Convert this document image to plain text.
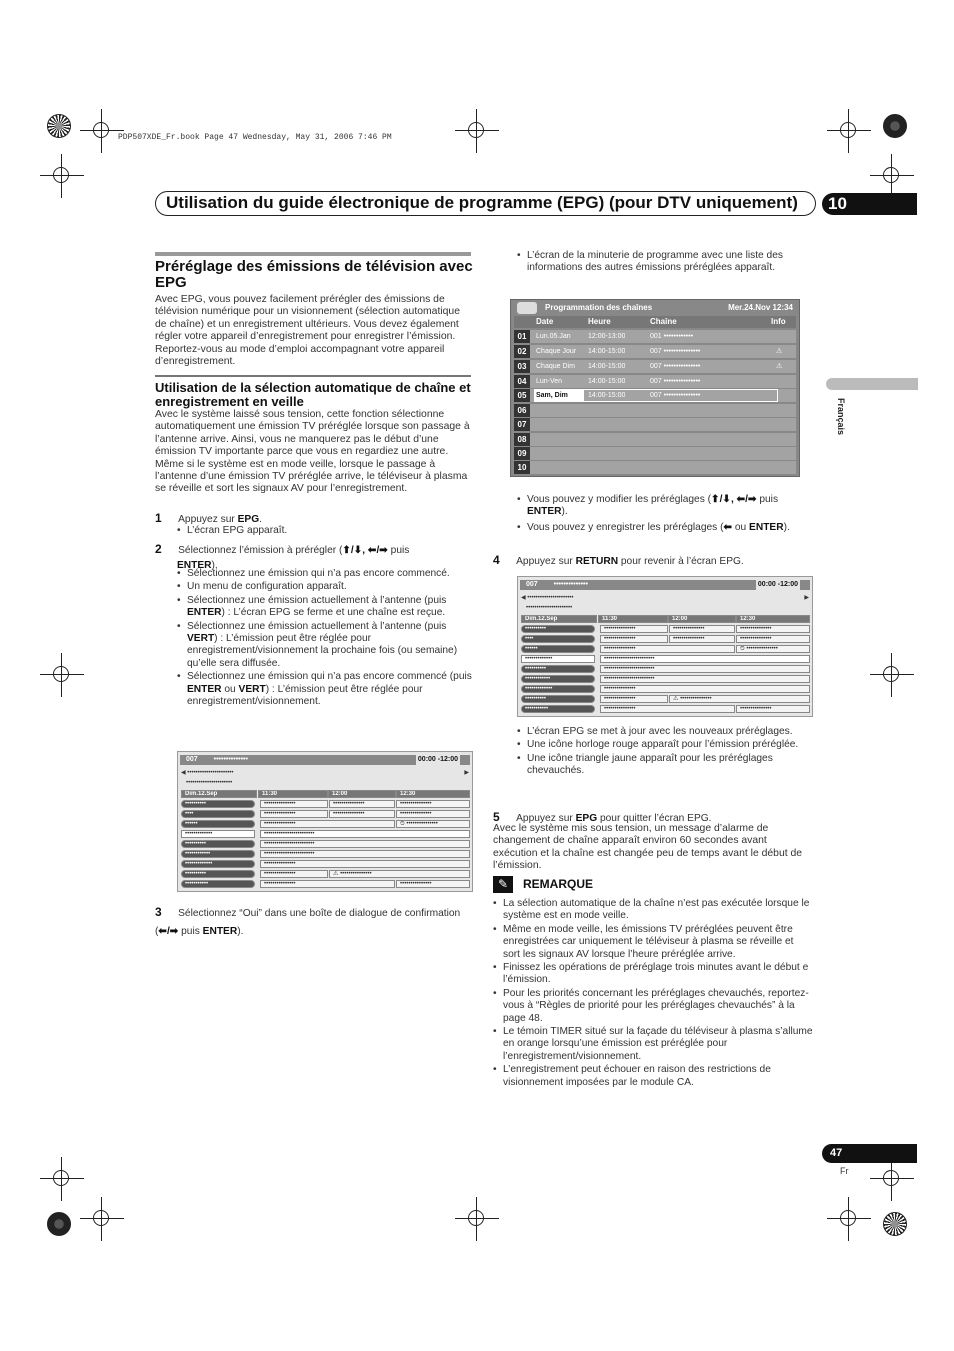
PDP507XDE_Fr.book Page 47 Wednesday, May 31, 2006 7:46 PM
Utilisation du guide électronique de programme (EPG) (pour DTV uniquement)	10
Français
Préréglage des émissions de télévision avec EPG

Avec EPG, vous pouvez facilement prérégler des émissions de télévision numérique pour un visionnement (sélection automatique de chaîne) et un enregistrement ultérieurs. Vous devez également régler votre appareil d’enregistrement pour enregistrer l’émission. Reportez-vous au mode d’emploi accompagnant votre appareil d’enregistrement.

Utilisation de la sélection automatique de chaîne et enregistrement en veille

Avec le système laissé sous tension, cette fonction sélectionne automatiquement une émission TV préréglée lorsque son passage à l’antenne arrive. Ainsi, vous ne manquerez pas le début d’une émission TV importante parce que vous en regardiez une autre.

Même si le système est en mode veille, lorsque le passage à l’antenne d’une émission TV préréglée arrive, le téléviseur à plasma se réveille et sort les signaux AV pour l’enregistrement.

1 Appuyez sur EPG.
• L’écran EPG apparaît.
2 Sélectionnez l’émission à prérégler (⬆/⬇, ⬅/➡ puis
ENTER).
• Sélectionnez une émission qui n’a pas encore commencé.
• Un menu de configuration apparaît.
• Sélectionnez une émission actuellement à l’antenne (puis ENTER) : L’écran EPG se ferme et une chaîne est reçue.
• Sélectionnez une émission actuellement à l’antenne (puis VERT) : L’émission peut être réglée pour enregistrement/visionnement la prochaine fois (ou semaine) qu’elle sera diffusée.
• Sélectionnez une émission qui n’a pas encore commencé (puis ENTER ou VERT) : L’émission peut être réglée pour enregistrement/visionnement.
007 ••••••••••••••	00:00 -12:00
◀ ••••••••••••••••••••••	▶
••••••••••••••••••••••
Dim.12.Sep	11:30	12:00	12:30
••••••••••	•••••••••••••••	•••••••••••••••	•••••••••••••••
••••	•••••••••••••••	•••••••••••••••	•••••••••••••••
••••••	•••••••••••••••	⏲ •••••••••••••••
•••••••••••••	••••••••••••••••••••••••
••••••••••	••••••••••••••••••••••••
••••••••••••	••••••••••••••••••••••••
•••••••••••••	•••••••••••••••
••••••••••	•••••••••••••••	⚠ •••••••••••••••
•••••••••••	•••••••••••••••	•••••••••••••••
3 Sélectionnez “Oui” dans une boîte de dialogue de confirmation (⬅/➡ puis ENTER).
• L’écran de la minuterie de programme avec une liste des informations des autres émissions préréglées apparaît.
Programmation des chaînes	Mer.24.Nov 12:34
Date	Heure	Chaîne	Info
01	Lun.05.Jan 12:00-13:00	001 ••••••••••••
02	Chaque Jour 14:00-15:00	007 •••••••••••••••	⚠
03	Chaque Dim 14:00-15:00	007 •••••••••••••••	⚠
04	Lun-Ven	14:00-15:00	007 •••••••••••••••
05	Sam, Dim	14:00-15:00	007 •••••••••••••••
06
07
08
09
10
• Vous pouvez y modifier les préréglages (⬆/⬇, ⬅/➡ puis ENTER).
• Vous pouvez y enregistrer les préréglages (⬅ ou ENTER).
4 Appuyez sur RETURN pour revenir à l’écran EPG.
007 ••••••••••••••	00:00 -12:00
◀ ••••••••••••••••••••••	▶
••••••••••••••••••••••
Dim.12.Sep	11:30	12:00	12:30
••••••••••	•••••••••••••••	•••••••••••••••	•••••••••••••••
••••	•••••••••••••••	•••••••••••••••	•••••••••••••••
••••••	•••••••••••••••	⏲ •••••••••••••••
•••••••••••••	••••••••••••••••••••••••
••••••••••	••••••••••••••••••••••••
••••••••••••	••••••••••••••••••••••••
•••••••••••••	•••••••••••••••
••••••••••	•••••••••••••••	⚠ •••••••••••••••
•••••••••••	•••••••••••••••	•••••••••••••••
• L’écran EPG se met à jour avec les nouveaux préréglages.
• Une icône horloge rouge apparaît pour l’émission préréglée.
• Une icône triangle jaune apparaît pour les préréglages chevauchés.
5 Appuyez sur EPG pour quitter l’écran EPG.

Avec le système mis sous tension, un message d’alarme de changement de chaîne apparaît environ 60 secondes avant exécution et la chaîne est changée peu de temps avant le début de l’émission.

✎	REMARQUE
• La sélection automatique de la chaîne n’est pas exécutée lorsque le système est en mode veille.
• Même en mode veille, les émissions TV préréglées peuvent être enregistrées car uniquement le téléviseur à plasma se réveille et sort les signaux AV lorsque l’heure préréglée arrive.
• Finissez les opérations de préréglage trois minutes avant le début e l’émission.
• Pour les priorités concernant les préréglages chevauchés, reportez-vous à “Règles de priorité pour les préréglages chevauchés” à la page 48.
• Le témoin TIMER situé sur la façade du téléviseur à plasma s’allume en orange lorsqu’une émission est préréglée pour l’enregistrement/visionnement.
• L’enregistrement peut échouer en raison des restrictions de visionnement imposées par le module CA.
47
Fr
